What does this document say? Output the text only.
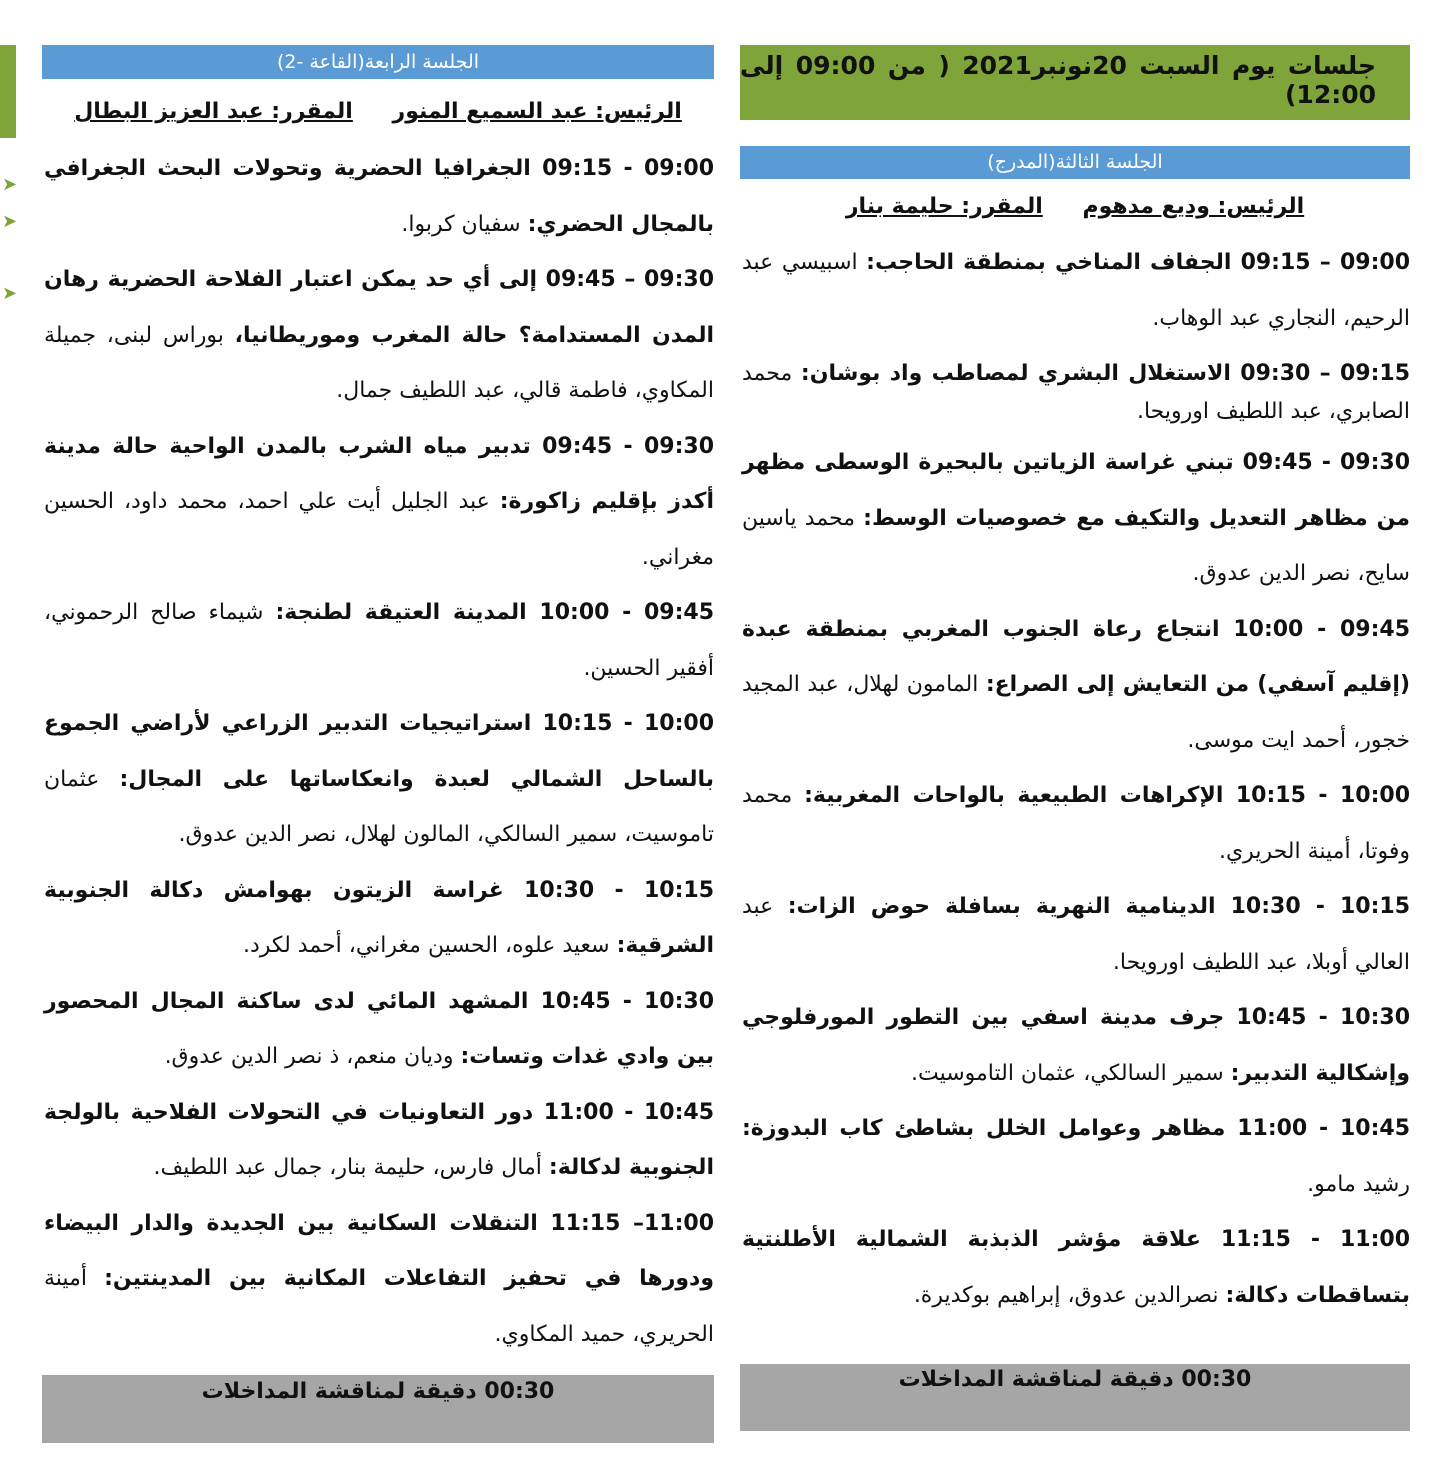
➤
➤
➤
جلسات يوم السبت 20نونبر2021 ( من 09:00 إلى 12:00)
الجلسة الثالثة(المدرج)
الرئيس: وديع مدهوم المقرر: حليمة بنار

09:00 – 09:15 الجفاف المناخي بمنطقة الحاجب: اسبيسي عبد الرحيم، النجاري عبد الوهاب.

09:15 – 09:30 الاستغلال البشري لمصاطب واد بوشان: محمد الصابري، عبد اللطيف اورويحا.

09:30 - 09:45 تبني غراسة الزياتين بالبحيرة الوسطى مظهر من مظاهر التعديل والتكيف مع خصوصيات الوسط: محمد ياسين سايح، نصر الدين عدوق.

09:45 - 10:00 انتجاع رعاة الجنوب المغربي بمنطقة عبدة (إقليم آسفي) من التعايش إلى الصراع: المامون لهلال، عبد المجيد خجور، أحمد ايت موسى.

10:00 - 10:15 الإكراهات الطبيعية بالواحات المغربية: محمد وفوتا، أمينة الحريري.

10:15 - 10:30 الدينامية النهرية بسافلة حوض الزات: عبد العالي أوبلا، عبد اللطيف اورويحا.

10:30 - 10:45 جرف مدينة اسفي بين التطور المورفلوجي وإشكالية التدبير: سمير السالكي، عثمان التاموسيت.

10:45 - 11:00 مظاهر وعوامل الخلل بشاطئ كاب البدوزة: رشيد مامو.

11:00 - 11:15 علاقة مؤشر الذبذبة الشمالية الأطلنتية بتساقطات دكالة: نصرالدين عدوق، إبراهيم بوكديرة.

00:30 دقيقة لمناقشة المداخلات
الجلسة الرابعة(القاعة -2)
الرئيس: عبد السميع المنور المقرر: عبد العزيز البطال

09:00 - 09:15 الجغرافيا الحضرية وتحولات البحث الجغرافي بالمجال الحضري: سفيان كربوا.

09:30 – 09:45 إلى أي حد يمكن اعتبار الفلاحة الحضرية رهان المدن المستدامة؟ حالة المغرب وموريطانيا، بوراس لبنى، جميلة المكاوي، فاطمة قالي، عبد اللطيف جمال.

09:30 - 09:45 تدبير مياه الشرب بالمدن الواحية حالة مدينة أكدز بإقليم زاكورة: عبد الجليل أيت علي احمد، محمد داود، الحسين مغراني.

09:45 - 10:00 المدينة العتيقة لطنجة: شيماء صالح الرحموني، أفقير الحسين.

10:00 - 10:15 استراتيجيات التدبير الزراعي لأراضي الجموع بالساحل الشمالي لعبدة وانعكاساتها على المجال: عثمان تاموسيت، سمير السالكي، المالون لهلال، نصر الدين عدوق.

10:15 - 10:30 غراسة الزيتون بهوامش دكالة الجنوبية الشرقية: سعيد علوه، الحسين مغراني، أحمد لكرد.

10:30 - 10:45 المشهد المائي لدى ساكنة المجال المحصور بين وادي غدات وتسات: وديان منعم، ذ نصر الدين عدوق.

10:45 - 11:00 دور التعاونيات في التحولات الفلاحية بالولجة الجنوبية لدكالة: أمال فارس، حليمة بنار، جمال عبد اللطيف.

11:00– 11:15 التنقلات السكانية بين الجديدة والدار البيضاء ودورها في تحفيز التفاعلات المكانية بين المدينتين: أمينة الحريري، حميد المكاوي.

00:30 دقيقة لمناقشة المداخلات
